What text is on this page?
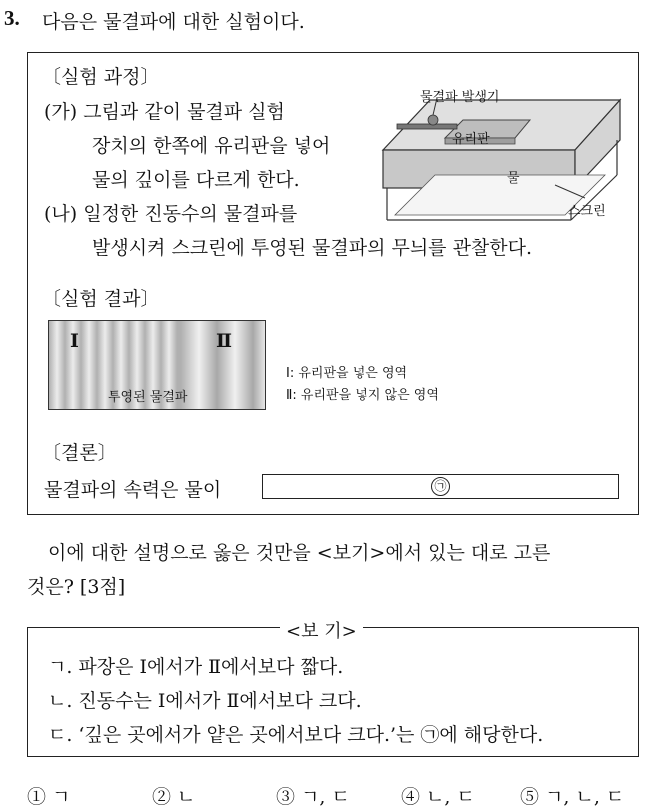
3. 다음은 물결파에 대한 실험이다.
〔실험 과정〕
(가) 그림과 같이 물결파 실험
장치의 한쪽에 유리판을 넣어
물의 깊이를 다르게 한다.
(나) 일정한 진동수의 물결파를
발생시켜 스크린에 투영된 물결파의 무늬를 관찰한다.
물결파 발생기
유리판
물
스크린
〔실험 결과〕
Ⅰ	Ⅱ
투영된 물결파
Ⅰ: 유리판을 넣은 영역
Ⅱ: 유리판을 넣지 않은 영역
〔결론〕
물결파의 속력은 물이	㉠
이에 대한 설명으로 옳은 것만을 <보기>에서 있는 대로 고른
것은? [3점]
<보 기>
ㄱ. 파장은 Ⅰ에서가 Ⅱ에서보다 짧다.
ㄴ. 진동수는 Ⅰ에서가 Ⅱ에서보다 크다.
ㄷ. ‘깊은 곳에서가 얕은 곳에서보다 크다.’는 ㉠에 해당한다.
① ㄱ	② ㄴ	③ ㄱ, ㄷ	④ ㄴ, ㄷ ⑤ ㄱ, ㄴ, ㄷ
